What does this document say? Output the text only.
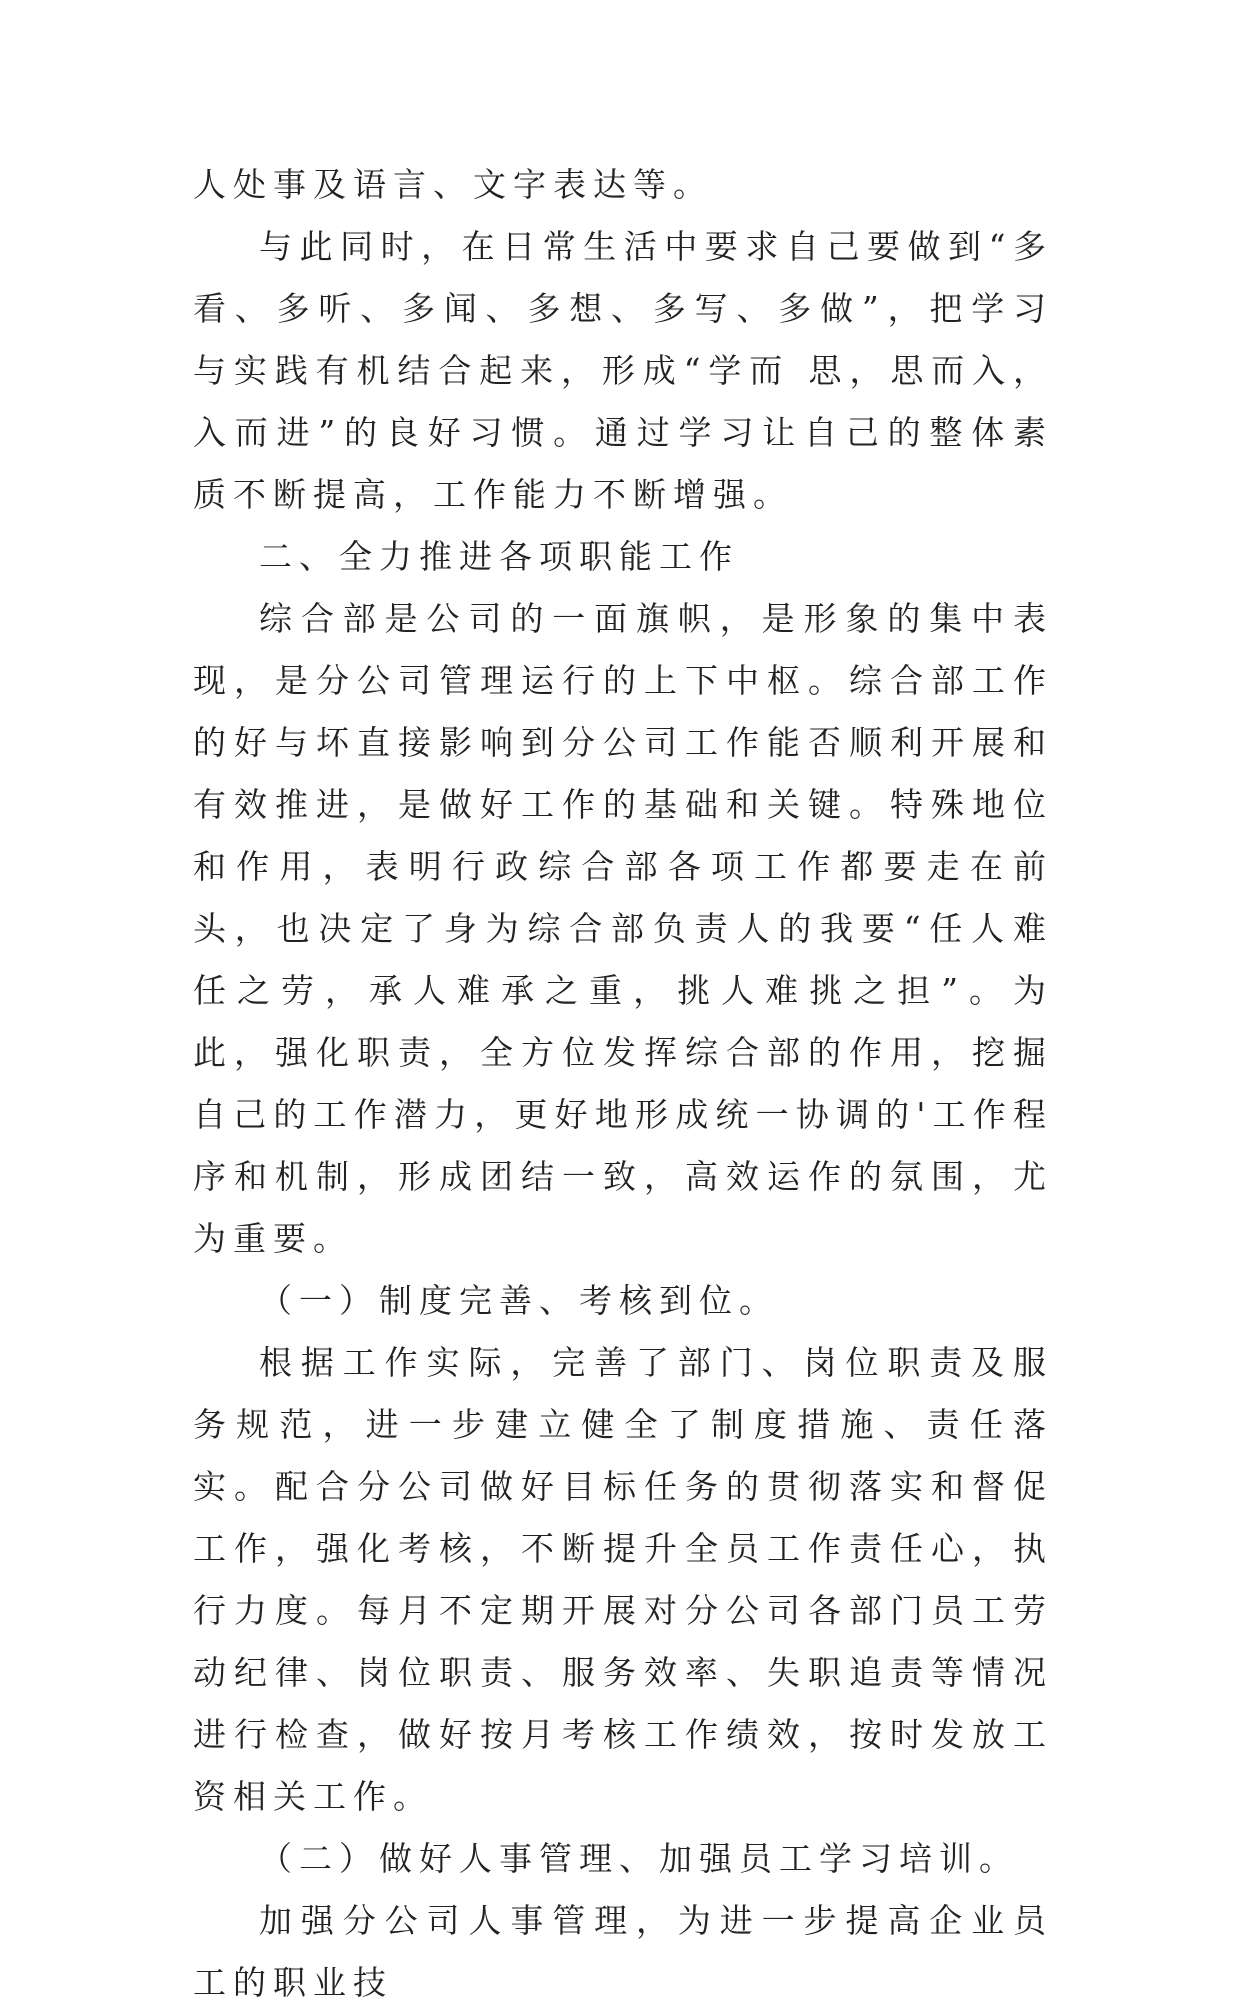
人处事及语言、文字表达等。

与此同时，在日常生活中要求自己要做到“多看、多听、多闻、多想、多写、多做”，把学习与实践有机结合起来，形成“学而 思，思而入，入而进”的良好习惯。通过学习让自己的整体素质不断提高，工作能力不断增强。

二、全力推进各项职能工作

综合部是公司的一面旗帜，是形象的集中表现，是分公司管理运行的上下中枢。综合部工作的好与坏直接影响到分公司工作能否顺利开展和有效推进，是做好工作的基础和关键。特殊地位和作用，表明行政综合部各项工作都要走在前头，也决定了身为综合部负责人的我要“任人难任之劳，承人难承之重，挑人难挑之担”。为此，强化职责，全方位发挥综合部的作用，挖掘自己的工作潜力，更好地形成统一协调的'工作程序和机制，形成团结一致，高效运作的氛围，尤为重要。

（一）制度完善、考核到位。

根据工作实际，完善了部门、岗位职责及服务规范，进一步建立健全了制度措施、责任落实。配合分公司做好目标任务的贯彻落实和督促工作，强化考核，不断提升全员工作责任心，执行力度。每月不定期开展对分公司各部门员工劳动纪律、岗位职责、服务效率、失职追责等情况进行检查，做好按月考核工作绩效，按时发放工资相关工作。

（二）做好人事管理、加强员工学习培训。

加强分公司人事管理，为进一步提高企业员工的职业技
